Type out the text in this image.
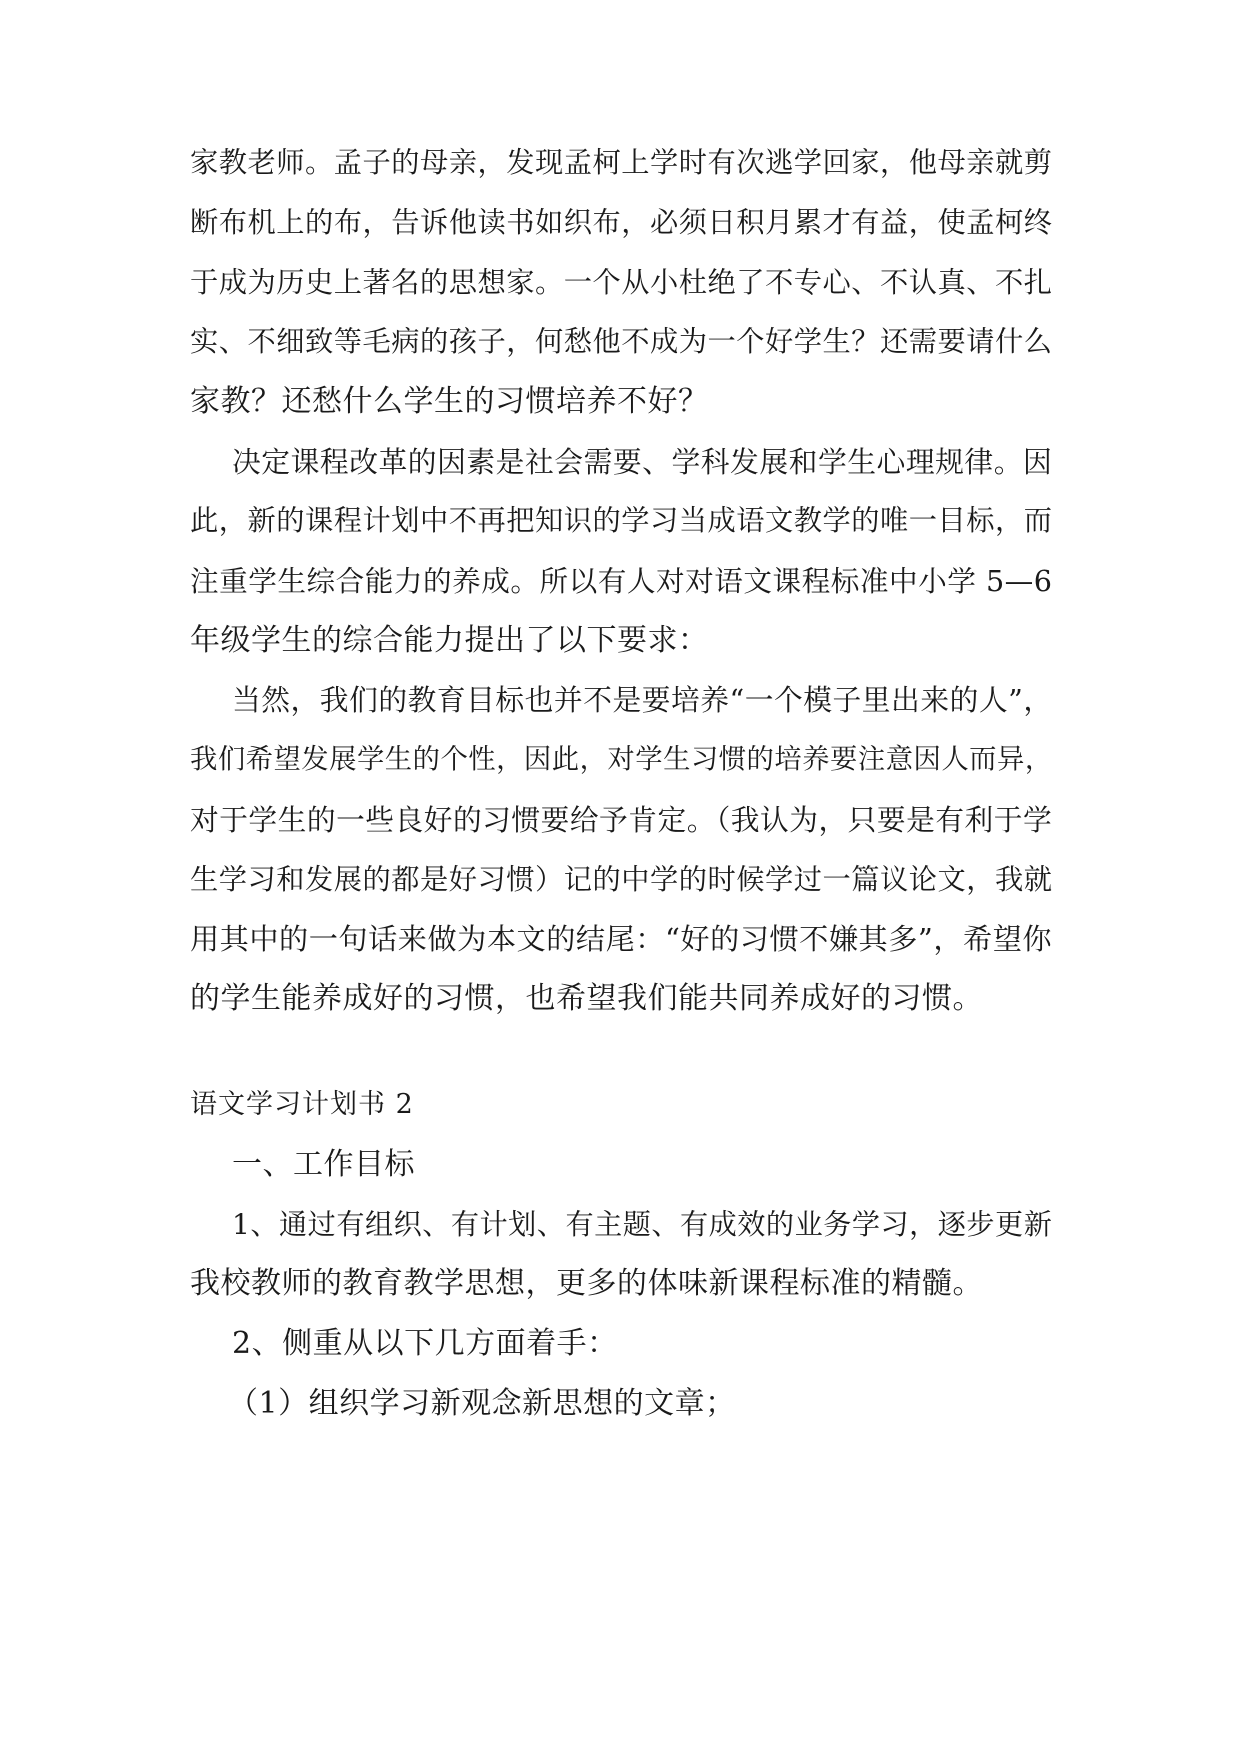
家教老师。孟子的母亲，发现孟柯上学时有次逃学回家，他母亲就剪

断布机上的布，告诉他读书如织布，必须日积月累才有益，使孟柯终

于成为历史上著名的思想家。一个从小杜绝了不专心、不认真、不扎

实、不细致等毛病的孩子，何愁他不成为一个好学生？还需要请什么

家教？还愁什么学生的习惯培养不好？

决定课程改革的因素是社会需要、学科发展和学生心理规律。因

此，新的课程计划中不再把知识的学习当成语文教学的唯一目标，而

注重学生综合能力的养成。所以有人对对语文课程标准中小学 5—6

年级学生的综合能力提出了以下要求：

当然，我们的教育目标也并不是要培养“一个模子里出来的人”，

我们希望发展学生的个性，因此，对学生习惯的培养要注意因人而异，

对于学生的一些良好的习惯要给予肯定。（我认为，只要是有利于学

生学习和发展的都是好习惯）记的中学的时候学过一篇议论文，我就

用其中的一句话来做为本文的结尾：“好的习惯不嫌其多”，希望你

的学生能养成好的习惯，也希望我们能共同养成好的习惯。

语文学习计划书 2

一、工作目标

1、通过有组织、有计划、有主题、有成效的业务学习，逐步更新

我校教师的教育教学思想，更多的体味新课程标准的精髓。

2、侧重从以下几方面着手：

（1）组织学习新观念新思想的文章；
